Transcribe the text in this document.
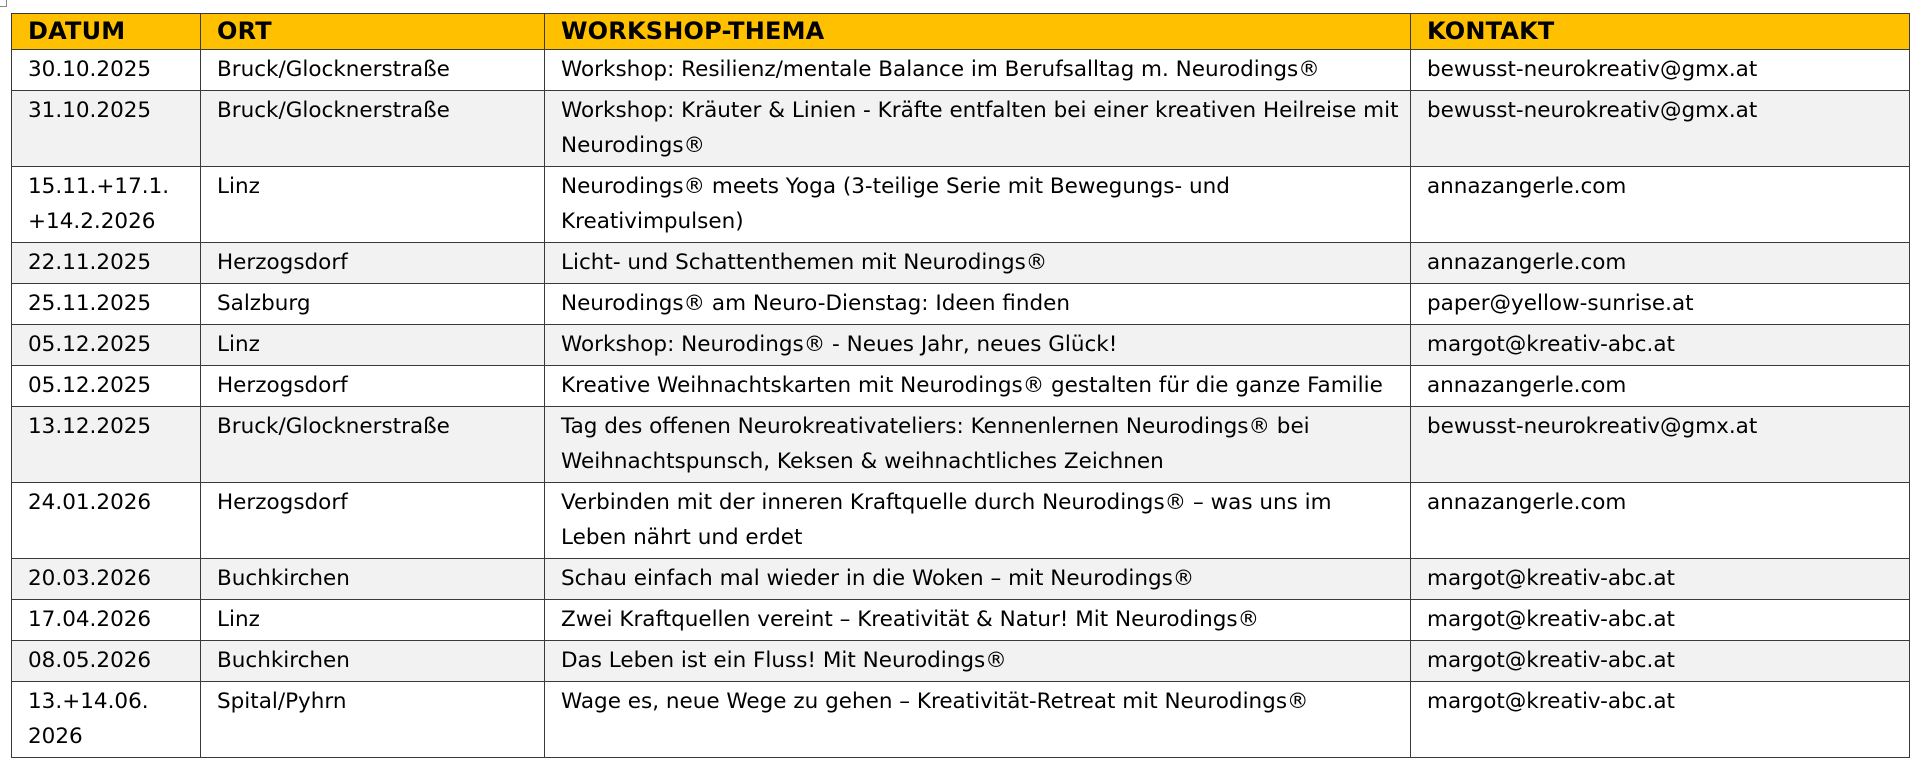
DATUM	ORT	WORKSHOP-THEMA	KONTAKT
30.10.2025	Bruck/Glocknerstraße	Workshop: Resilienz/mentale Balance im Berufsalltag m. Neurodings®	bewusst-neurokreativ@gmx.at
31.10.2025	Bruck/Glocknerstraße	Workshop: Kräuter & Linien - Kräfte entfalten bei einer kreativen Heilreise mit Neurodings®	bewusst-neurokreativ@gmx.at
15.11.+17.1. +14.2.2026	Linz	Neurodings® meets Yoga (3-teilige Serie mit Bewegungs- und Kreativimpulsen)	annazangerle.com
22.11.2025	Herzogsdorf	Licht- und Schattenthemen mit Neurodings®	annazangerle.com
25.11.2025	Salzburg	Neurodings® am Neuro-Dienstag: Ideen finden	paper@yellow-sunrise.at
05.12.2025	Linz	Workshop: Neurodings® - Neues Jahr, neues Glück!	margot@kreativ-abc.at
05.12.2025	Herzogsdorf	Kreative Weihnachtskarten mit Neurodings® gestalten für die ganze Familie	annazangerle.com
13.12.2025	Bruck/Glocknerstraße	Tag des offenen Neurokreativateliers: Kennenlernen Neurodings® bei Weihnachtspunsch, Keksen & weihnachtliches Zeichnen	bewusst-neurokreativ@gmx.at
24.01.2026	Herzogsdorf	Verbinden mit der inneren Kraftquelle durch Neurodings® – was uns im Leben nährt und erdet	annazangerle.com
20.03.2026	Buchkirchen	Schau einfach mal wieder in die Woken – mit Neurodings®	margot@kreativ-abc.at
17.04.2026	Linz	Zwei Kraftquellen vereint – Kreativität & Natur! Mit Neurodings®	margot@kreativ-abc.at
08.05.2026	Buchkirchen	Das Leben ist ein Fluss! Mit Neurodings®	margot@kreativ-abc.at
13.+14.06. 2026	Spital/Pyhrn	Wage es, neue Wege zu gehen – Kreativität-Retreat mit Neurodings®	margot@kreativ-abc.at
